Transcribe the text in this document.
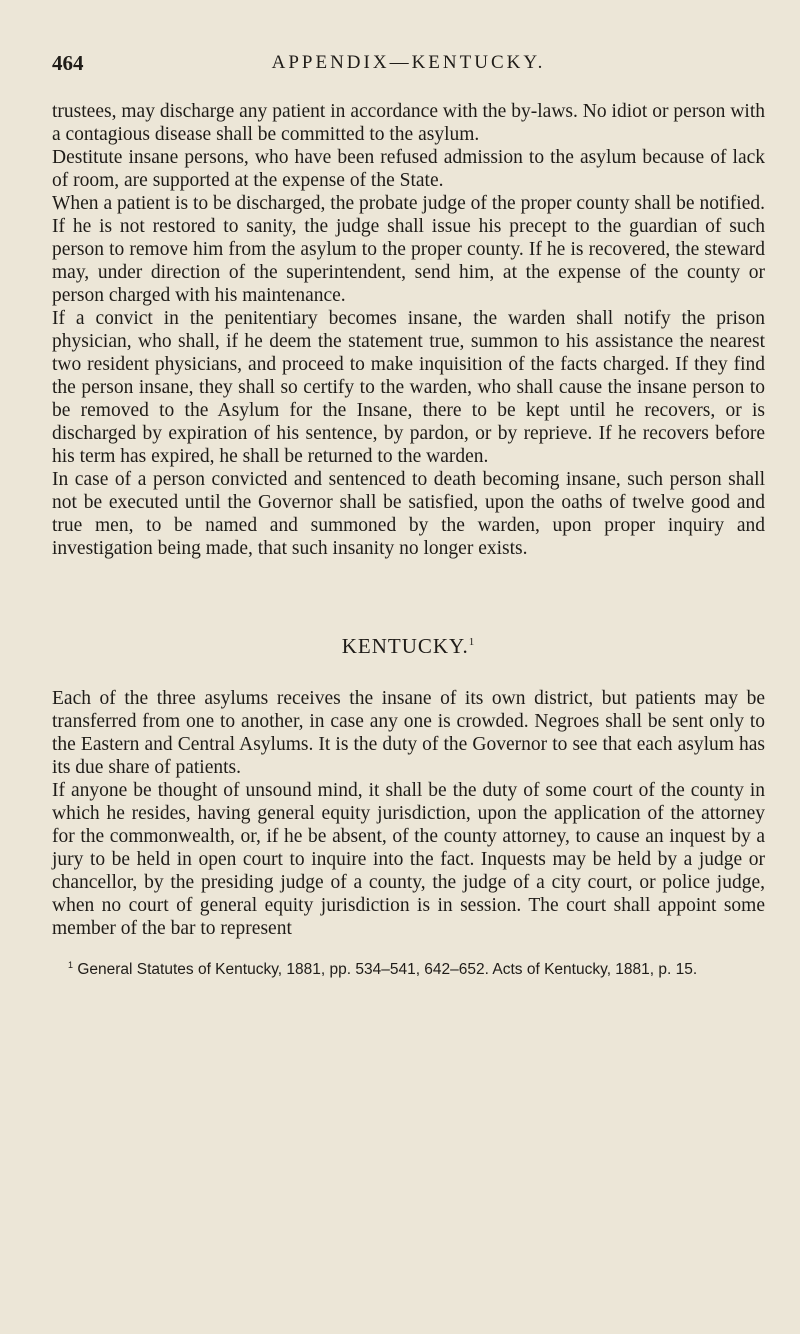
464	APPENDIX—KENTUCKY.

trustees, may discharge any patient in accordance with the by-laws. No idiot or person with a contagious disease shall be committed to the asylum.

Destitute insane persons, who have been refused admission to the asylum because of lack of room, are supported at the expense of the State.

When a patient is to be discharged, the probate judge of the proper county shall be notified. If he is not restored to sanity, the judge shall issue his precept to the guardian of such person to remove him from the asylum to the proper county. If he is recovered, the steward may, under direction of the superintendent, send him, at the expense of the county or person charged with his maintenance.

If a convict in the penitentiary becomes insane, the warden shall notify the prison physician, who shall, if he deem the statement true, summon to his assistance the nearest two resident physicians, and proceed to make inquisition of the facts charged. If they find the person insane, they shall so certify to the warden, who shall cause the insane person to be removed to the Asylum for the Insane, there to be kept until he recovers, or is discharged by expiration of his sentence, by pardon, or by reprieve. If he recovers before his term has expired, he shall be returned to the warden.

In case of a person convicted and sentenced to death becoming insane, such person shall not be executed until the Governor shall be satisfied, upon the oaths of twelve good and true men, to be named and summoned by the warden, upon proper inquiry and investigation being made, that such insanity no longer exists.

KENTUCKY.$^1$

Each of the three asylums receives the insane of its own district, but patients may be transferred from one to another, in case any one is crowded. Negroes shall be sent only to the Eastern and Central Asylums. It is the duty of the Governor to see that each asylum has its due share of patients.

If anyone be thought of unsound mind, it shall be the duty of some court of the county in which he resides, having general equity jurisdiction, upon the application of the attorney for the commonwealth, or, if he be absent, of the county attorney, to cause an inquest by a jury to be held in open court to inquire into the fact. Inquests may be held by a judge or chancellor, by the presiding judge of a county, the judge of a city court, or police judge, when no court of general equity jurisdiction is in session. The court shall appoint some member of the bar to represent

$^1$ General Statutes of Kentucky, 1881, pp. 534–541, 642–652. Acts of Kentucky, 1881, p. 15.
